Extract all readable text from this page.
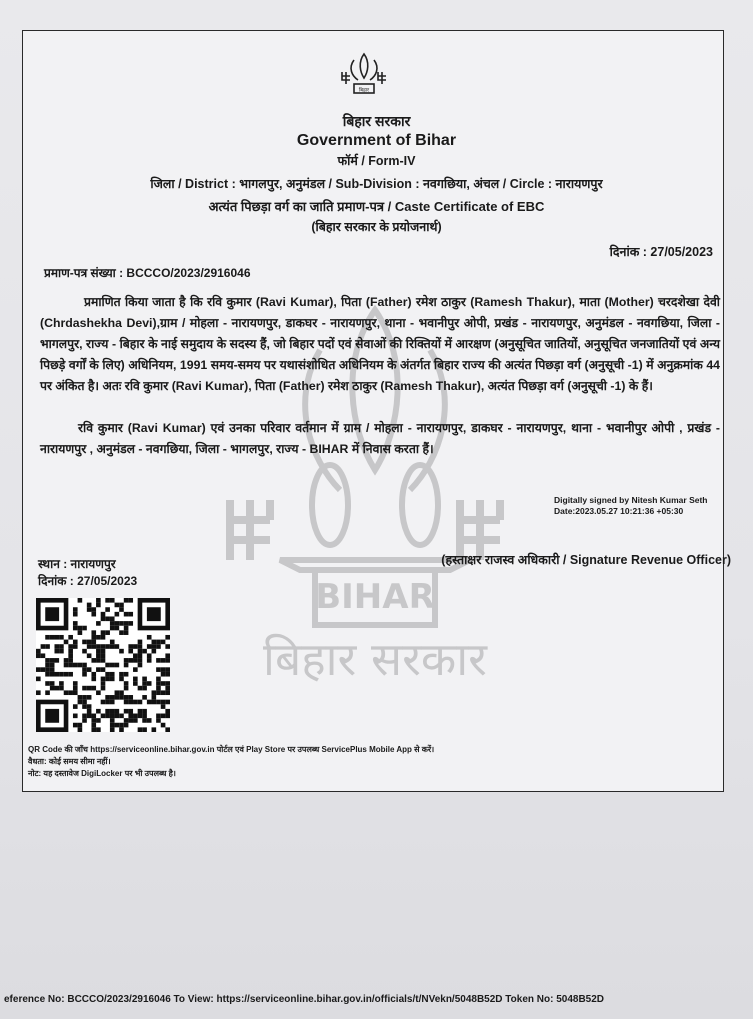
BIHAR
बिहार सरकार
बिहार
बिहार सरकार
Government of Bihar
फॉर्म / Form-IV
जिला / District : भागलपुर, अनुमंडल / Sub-Division : नवगछिया, अंचल / Circle : नारायणपुर
अत्यंत पिछड़ा वर्ग का जाति प्रमाण-पत्र / Caste Certificate of EBC
(बिहार सरकार के प्रयोजनार्थ)
दिनांक : 27/05/2023
प्रमाण-पत्र संख्या : BCCCO/2023/2916046
प्रमाणित किया जाता है कि रवि कुमार (Ravi Kumar), पिता (Father) रमेश ठाकुर (Ramesh Thakur), माता (Mother) चरदशेखा देवी (Chrdashekha Devi),ग्राम / मोहला - नारायणपुर, डाकघर - नारायणपुर, थाना - भवानीपुर ओपी, प्रखंड - नारायणपुर, अनुमंडल - नवगछिया, जिला - भागलपुर, राज्य - बिहार के नाई समुदाय के सदस्य हैं, जो बिहार पदों एवं सेवाओं की रिक्तियों में आरक्षण (अनुसूचित जातियों, अनुसूचित जनजातियों एवं अन्य पिछड़े वर्गों के लिए) अधिनियम, 1991 समय-समय पर यथासंशोधित अधिनियम के अंतर्गत बिहार राज्य की अत्यंत पिछड़ा वर्ग (अनुसूची -1) में अनुक्रमांक 44 पर अंकित है। अतः रवि कुमार (Ravi Kumar), पिता (Father) रमेश ठाकुर (Ramesh Thakur), अत्यंत पिछड़ा वर्ग (अनुसूची -1) के हैं।
रवि कुमार (Ravi Kumar) एवं उनका परिवार वर्तमान में ग्राम / मोहला - नारायणपुर, डाकघर - नारायणपुर, थाना - भवानीपुर ओपी , प्रखंड - नारायणपुर , अनुमंडल - नवगछिया, जिला - भागलपुर, राज्य - BIHAR में निवास करता हैं।
Digitally signed by Nitesh Kumar Seth
Date:2023.05.27 10:21:36 +05:30
स्थान : नारायणपुर
दिनांक : 27/05/2023
(हस्ताक्षर राजस्व अधिकारी / Signature Revenue Officer)
QR Code की जाँच https://serviceonline.bihar.gov.in पोर्टल एवं Play Store पर उपलब्ध ServicePlus Mobile App से करें।
वैधता: कोई समय सीमा नहीं।
नोट: यह दस्तावेज DigiLocker पर भी उपलब्ध है।
eference No: BCCCO/2023/2916046 To View: https://serviceonline.bihar.gov.in/officials/t/NVekn/5048B52D Token No: 5048B52D
